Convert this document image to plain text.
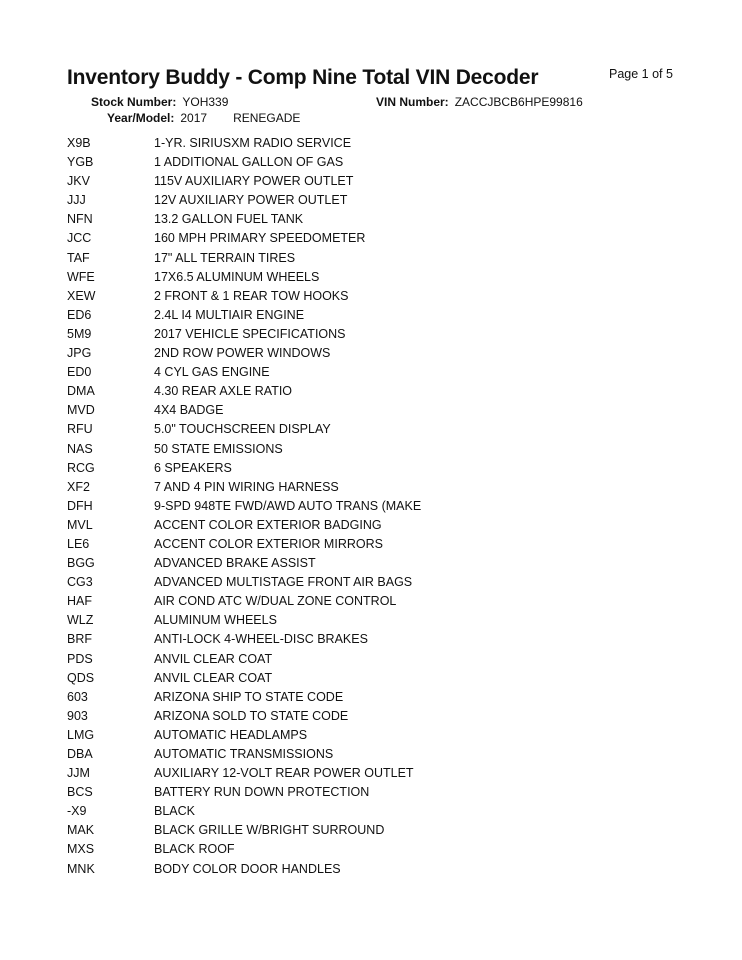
Inventory Buddy - Comp Nine Total VIN Decoder	Page 1 of 5
Stock Number: YOH339	VIN Number: ZACCJBCB6HPE99816
Year/Model: 2017 RENEGADE
X9B	1-YR. SIRIUSXM RADIO SERVICE
YGB	1 ADDITIONAL GALLON OF GAS
JKV	115V AUXILIARY POWER OUTLET
JJJ	12V AUXILIARY POWER OUTLET
NFN	13.2 GALLON FUEL TANK
JCC	160 MPH PRIMARY SPEEDOMETER
TAF	17" ALL TERRAIN TIRES
WFE	17X6.5 ALUMINUM WHEELS
XEW	2 FRONT & 1 REAR TOW HOOKS
ED6	2.4L I4 MULTIAIR ENGINE
5M9	2017 VEHICLE SPECIFICATIONS
JPG	2ND ROW POWER WINDOWS
ED0	4 CYL GAS ENGINE
DMA	4.30 REAR AXLE RATIO
MVD	4X4 BADGE
RFU	5.0" TOUCHSCREEN DISPLAY
NAS	50 STATE EMISSIONS
RCG	6 SPEAKERS
XF2	7 AND 4 PIN WIRING HARNESS
DFH	9-SPD 948TE FWD/AWD AUTO TRANS (MAKE
MVL	ACCENT COLOR EXTERIOR BADGING
LE6	ACCENT COLOR EXTERIOR MIRRORS
BGG	ADVANCED BRAKE ASSIST
CG3	ADVANCED MULTISTAGE FRONT AIR BAGS
HAF	AIR COND ATC W/DUAL ZONE CONTROL
WLZ	ALUMINUM WHEELS
BRF	ANTI-LOCK 4-WHEEL-DISC BRAKES
PDS	ANVIL CLEAR COAT
QDS	ANVIL CLEAR COAT
603	ARIZONA SHIP TO STATE CODE
903	ARIZONA SOLD TO STATE CODE
LMG	AUTOMATIC HEADLAMPS
DBA	AUTOMATIC TRANSMISSIONS
JJM	AUXILIARY 12-VOLT REAR POWER OUTLET
BCS	BATTERY RUN DOWN PROTECTION
-X9	BLACK
MAK	BLACK GRILLE W/BRIGHT SURROUND
MXS	BLACK ROOF
MNK	BODY COLOR DOOR HANDLES
